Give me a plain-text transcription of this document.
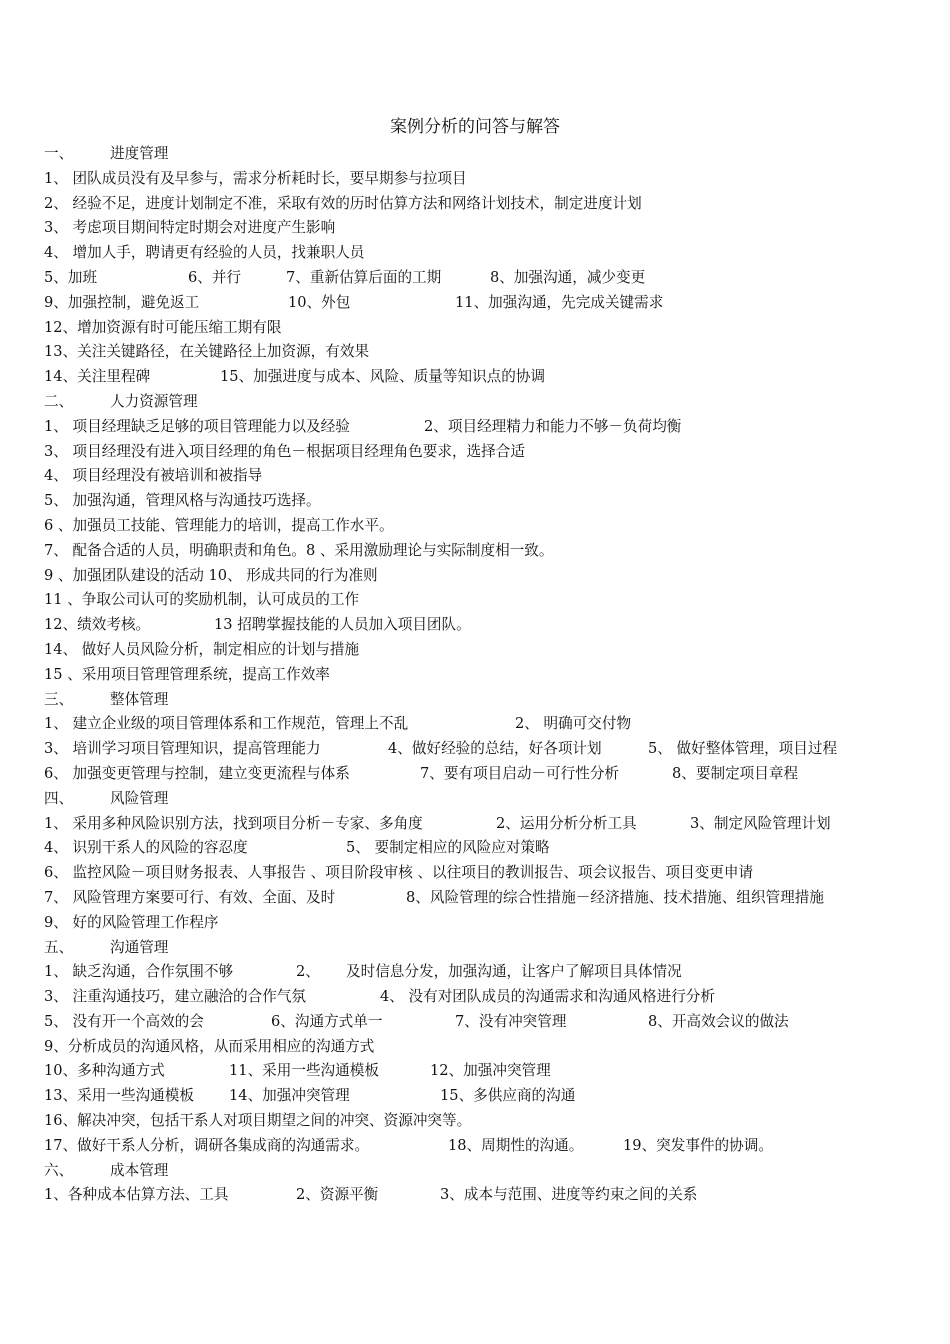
案例分析的问答与解答
一、	进度管理
1、 团队成员没有及早参与，需求分析耗时长，要早期参与拉项目
2、 经验不足，进度计划制定不准，采取有效的历时估算方法和网络计划技术，制定进度计划
3、 考虑项目期间特定时期会对进度产生影响
4、 增加人手，聘请更有经验的人员，找兼职人员
5、加班	6、并行	7、重新估算后面的工期	8、加强沟通，减少变更
9、加强控制，避免返工	10、外包	11、加强沟通，先完成关键需求
12、增加资源有时可能压缩工期有限
13、关注关键路径，在关键路径上加资源，有效果
14、关注里程碑	15、加强进度与成本、风险、质量等知识点的协调
二、	人力资源管理
1、 项目经理缺乏足够的项目管理能力以及经验	2、项目经理精力和能力不够－负荷均衡
3、 项目经理没有进入项目经理的角色－根据项目经理角色要求，选择合适
4、 项目经理没有被培训和被指导
5、 加强沟通，管理风格与沟通技巧选择。
6 、加强员工技能、管理能力的培训，提高工作水平。
7、 配备合适的人员，明确职责和角色。8 、采用激励理论与实际制度相一致。
9 、加强团队建设的活动 10、 形成共同的行为准则
11 、争取公司认可的奖励机制，认可成员的工作
12、绩效考核。	13 招聘掌握技能的人员加入项目团队。
14、 做好人员风险分析，制定相应的计划与措施
15 、采用项目管理管理系统，提高工作效率
三、	整体管理
1、 建立企业级的项目管理体系和工作规范，管理上不乱	2、 明确可交付物
3、 培训学习项目管理知识，提高管理能力	4、做好经验的总结，好各项计划	5、 做好整体管理，项目过程
6、 加强变更管理与控制，建立变更流程与体系	7、要有项目启动－可行性分析	8、要制定项目章程
四、	风险管理
1、 采用多种风险识别方法，找到项目分析－专家、多角度	2、运用分析分析工具	3、制定风险管理计划
4、 识别干系人的风险的容忍度	5、 要制定相应的风险应对策略
6、 监控风险－项目财务报表、人事报告 、项目阶段审核 、以往项目的教训报告、项会议报告、项目变更申请
7、 风险管理方案要可行、有效、全面、及时	8、风险管理的综合性措施－经济措施、技术措施、组织管理措施
9、 好的风险管理工作程序
五、	沟通管理
1、 缺乏沟通，合作氛围不够	2、 及时信息分发，加强沟通，让客户了解项目具体情况
3、 注重沟通技巧，建立融洽的合作气氛	4、 没有对团队成员的沟通需求和沟通风格进行分析
5、 没有开一个高效的会	6、沟通方式单一	7、没有冲突管理	8、开高效会议的做法
9、分析成员的沟通风格，从而采用相应的沟通方式
10、多种沟通方式	11、采用一些沟通模板	12、加强冲突管理
13、采用一些沟通模板 14、加强冲突管理	15、多供应商的沟通
16、解决冲突，包括干系人对项目期望之间的冲突、资源冲突等。
17、做好干系人分析，调研各集成商的沟通需求。	18、周期性的沟通。	19、突发事件的协调。
六、	成本管理
1、各种成本估算方法、工具	2、资源平衡	3、成本与范围、进度等约束之间的关系
